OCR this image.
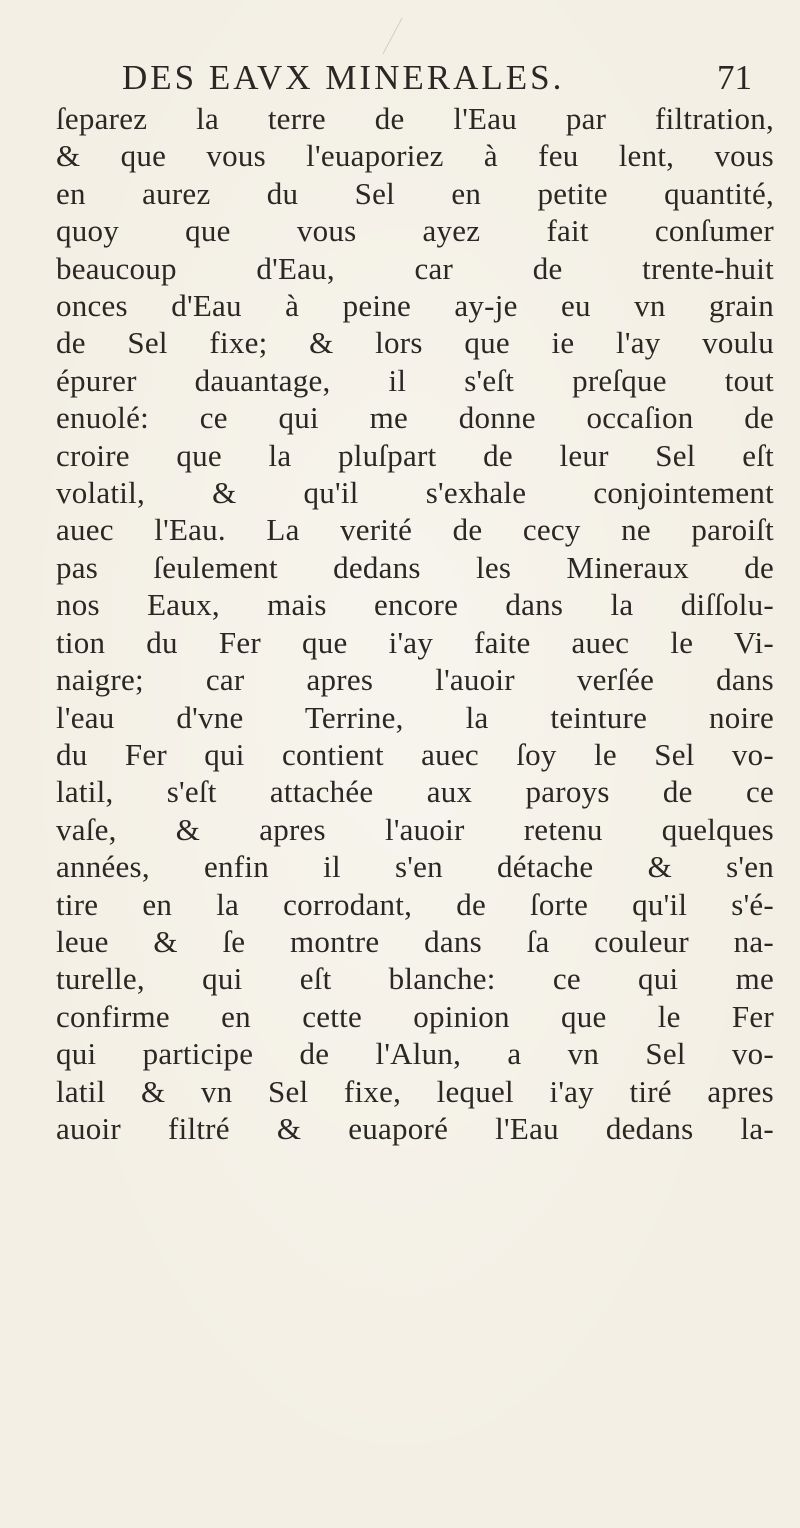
DES EAVX MINERALES.	71
ſeparez la terre de l'Eau par filtration,
& que vous l'euaporiez à feu lent, vous
en aurez du Sel en petite quantité,
quoy que vous ayez fait conſumer
beaucoup d'Eau, car de trente-huit
onces d'Eau à peine ay-je eu vn grain
de Sel fixe; & lors que ie l'ay voulu
épurer dauantage, il s'eſt preſque tout
enuolé: ce qui me donne occaſion de
croire que la pluſpart de leur Sel eſt
volatil, & qu'il s'exhale conjointement
auec l'Eau. La verité de cecy ne paroiſt
pas ſeulement dedans les Mineraux de
nos Eaux, mais encore dans la diſſolu-
tion du Fer que i'ay faite auec le Vi-
naigre; car apres l'auoir verſée dans
l'eau d'vne Terrine, la teinture noire
du Fer qui contient auec ſoy le Sel vo-
latil, s'eſt attachée aux paroys de ce
vaſe, & apres l'auoir retenu quelques
années, enfin il s'en détache & s'en
tire en la corrodant, de ſorte qu'il s'é-
leue & ſe montre dans ſa couleur na-
turelle, qui eſt blanche: ce qui me
confirme en cette opinion que le Fer
qui participe de l'Alun, a vn Sel vo-
latil & vn Sel fixe, lequel i'ay tiré apres
auoir filtré & euaporé l'Eau dedans la-
